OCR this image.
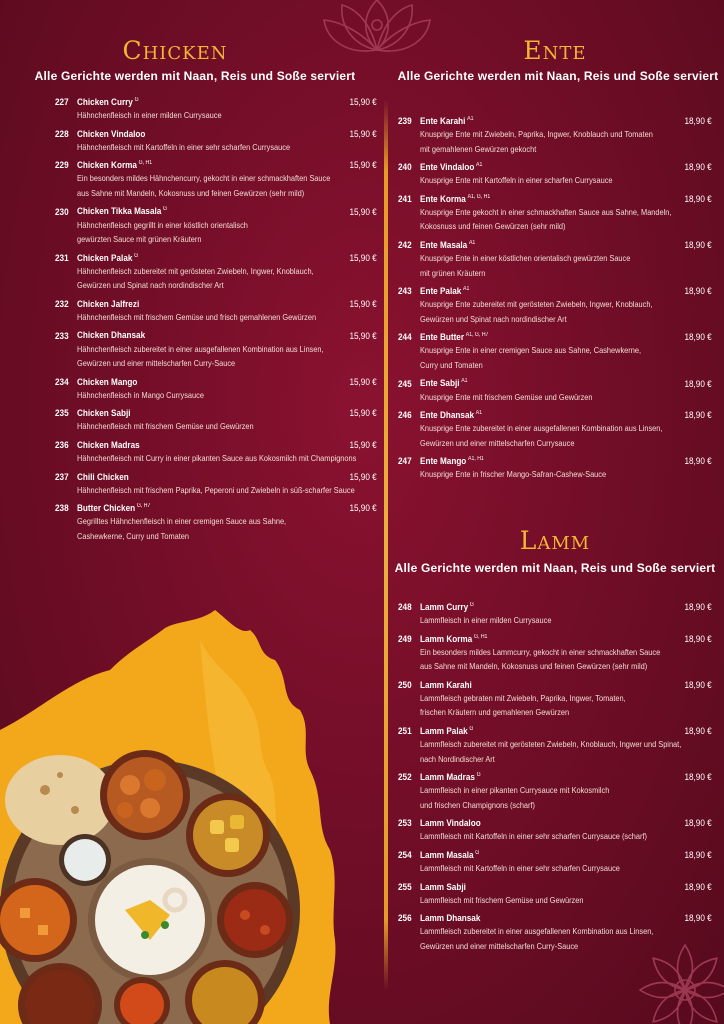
Chicken
Alle Gerichte werden mit Naan, Reis und Soße serviert
227 Chicken Curry $^G$	15,90 €
Hähnchenfleisch in einer milden Currysauce
228 Chicken Vindaloo	15,90 €
Hähnchenfleisch mit Kartoffeln in einer sehr scharfen Currysauce
229 Chicken Korma $^{G, H1}$	15,90 €
Ein besonders mildes Hähnchencurry, gekocht in einer schmackhaften Sauce
aus Sahne mit Mandeln, Kokosnuss und feinen Gewürzen (sehr mild)
230 Chicken Tikka Masala $^G$	15,90 €
Hähnchenfleisch gegrillt in einer köstlich orientalisch
gewürzten Sauce mit grünen Kräutern
231 Chicken Palak $^G$	15,90 €
Hähnchenfleisch zubereitet mit gerösteten Zwiebeln, Ingwer, Knoblauch,
Gewürzen und Spinat nach nordindischer Art
232 Chicken Jalfrezi	15,90 €
Hähnchenfleisch mit frischem Gemüse und frisch gemahlenen Gewürzen
233 Chicken Dhansak	15,90 €
Hähnchenfleisch zubereitet in einer ausgefallenen Kombination aus Linsen,
Gewürzen und einer mittelscharfen Curry-Sauce
234 Chicken Mango	15,90 €
Hähnchenfleisch in Mango Currysauce
235 Chicken Sabji	15,90 €
Hähnchenfleisch mit frischem Gemüse und Gewürzen
236 Chicken Madras	15,90 €
Hähnchenfleisch mit Curry in einer pikanten Sauce aus Kokosmilch mit Champignons
237 Chili Chicken	15,90 €
Hähnchenfleisch mit frischem Paprika, Peperoni und Zwiebeln in süß-scharfer Sauce
238 Butter Chicken $^{G, H7}$	15,90 €
Gegrilltes Hähnchenfleisch in einer cremigen Sauce aus Sahne,
Cashewkerne, Curry und Tomaten
Ente
Alle Gerichte werden mit Naan, Reis und Soße serviert
239 Ente Karahi $^{A1}$	18,90 €
Knusprige Ente mit Zwiebeln, Paprika, Ingwer, Knoblauch und Tomaten
mit gemahlenen Gewürzen gekocht
240 Ente Vindaloo $^{A1}$	18,90 €
Knusprige Ente mit Kartoffeln in einer scharfen Currysauce
241 Ente Korma $^{A1, G, H1}$	18,90 €
Knusprige Ente gekocht in einer schmackhaften Sauce aus Sahne, Mandeln,
Kokosnuss und feinen Gewürzen (sehr mild)
242 Ente Masala $^{A1}$	18,90 €
Knusprige Ente in einer köstlichen orientalisch gewürzten Sauce
mit grünen Kräutern
243 Ente Palak $^{A1}$	18,90 €
Knusprige Ente zubereitet mit gerösteten Zwiebeln, Ingwer, Knoblauch,
Gewürzen und Spinat nach nordindischer Art
244 Ente Butter $^{A1, G, H7}$	18,90 €
Knusprige Ente in einer cremigen Sauce aus Sahne, Cashewkerne,
Curry und Tomaten
245 Ente Sabji $^{A1}$	18,90 €
Knusprige Ente mit frischem Gemüse und Gewürzen
246 Ente Dhansak $^{A1}$	18,90 €
Knusprige Ente zubereitet in einer ausgefallenen Kombination aus Linsen,
Gewürzen und einer mittelscharfen Currysauce
247 Ente Mango $^{A1, H1}$	18,90 €
Knusprige Ente in frischer Mango-Safran-Cashew-Sauce
Lamm
Alle Gerichte werden mit Naan, Reis und Soße serviert
248 Lamm Curry $^G$	18,90 €
Lammfleisch in einer milden Currysauce
249 Lamm Korma $^{G, H1}$	18,90 €
Ein besonders mildes Lammcurry, gekocht in einer schmackhaften Sauce
aus Sahne mit Mandeln, Kokosnuss und feinen Gewürzen (sehr mild)
250 Lamm Karahi	18,90 €
Lammfleisch gebraten mit Zwiebeln, Paprika, Ingwer, Tomaten,
frischen Kräutern und gemahlenen Gewürzen
251 Lamm Palak $^G$	18,90 €
Lammfleisch zubereitet mit gerösteten Zwiebeln, Knoblauch, Ingwer und Spinat,
nach Nordindischer Art
252 Lamm Madras $^G$	18,90 €
Lammfleisch in einer pikanten Currysauce mit Kokosmilch
und frischen Champignons (scharf)
253 Lamm Vindaloo	18,90 €
Lammfleisch mit Kartoffeln in einer sehr scharfen Currysauce (scharf)
254 Lamm Masala $^G$	18,90 €
Lammfleisch mit Kartoffeln in einer sehr scharfen Currysauce
255 Lamm Sabji	18,90 €
Lammfleisch mit frischem Gemüse und Gewürzen
256 Lamm Dhansak	18,90 €
Lammfleisch zubereitet in einer ausgefallenen Kombination aus Linsen,
Gewürzen und einer mittelscharfen Curry-Sauce
